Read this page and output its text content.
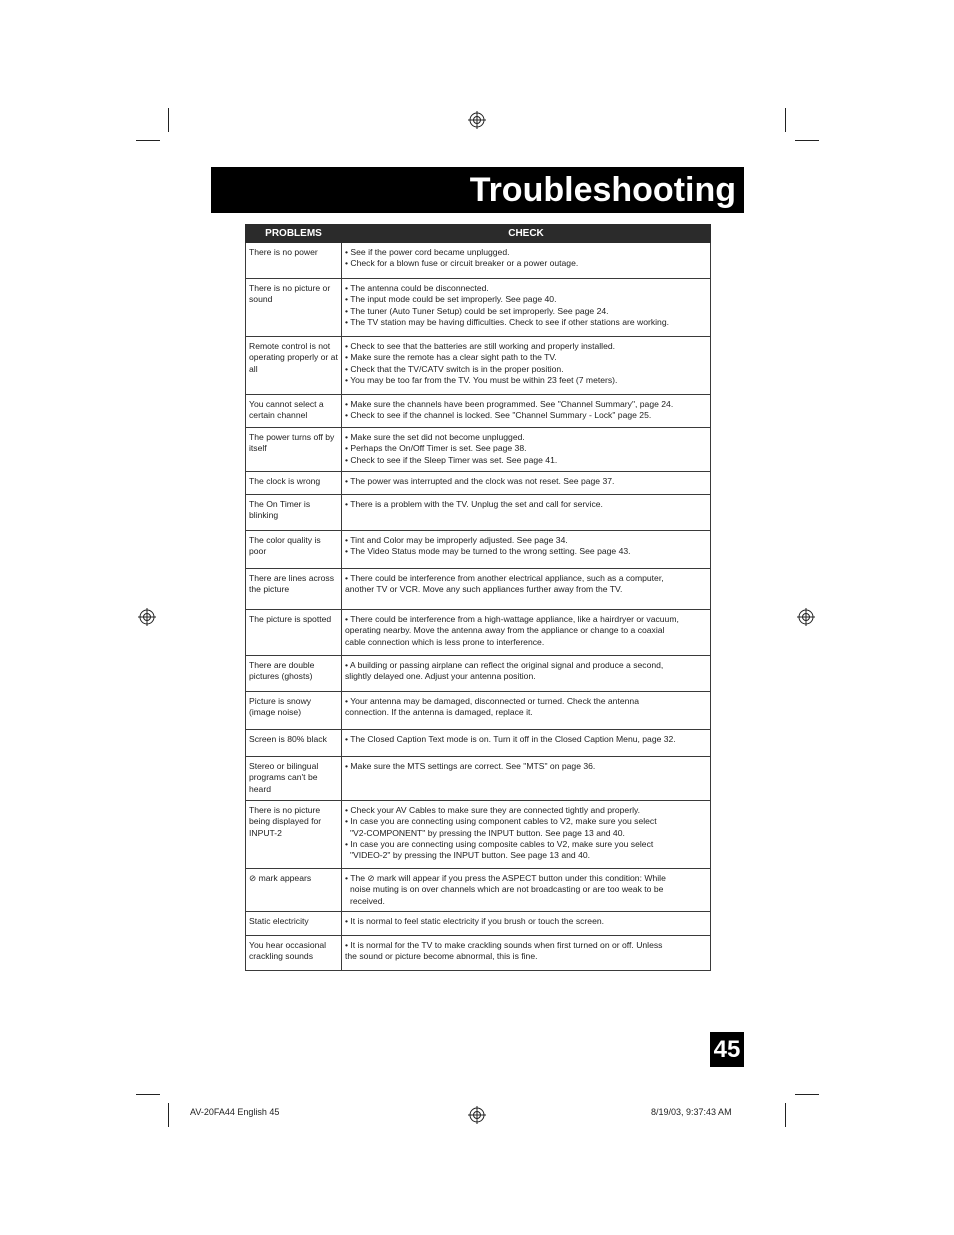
Troubleshooting
PROBLEMS	CHECK
There is no power	• See if the power cord became unplugged.
• Check for a blown fuse or circuit breaker or a power outage.

There is no picture or sound	• The antenna could be disconnected.
• The input mode could be set improperly. See page 40.
• The tuner (Auto Tuner Setup) could be set improperly. See page 24.
• The TV station may be having difficulties. Check to see if other stations are working.

Remote control is not operating properly or at all	• Check to see that the batteries are still working and properly installed.
• Make sure the remote has a clear sight path to the TV.
• Check that the TV/CATV switch is in the proper position.
• You may be too far from the TV. You must be within 23 feet (7 meters).

You cannot select a certain channel	• Make sure the channels have been programmed. See "Channel Summary", page 24.
• Check to see if the channel is locked. See "Channel Summary - Lock" page 25.

The power turns off by itself	• Make sure the set did not become unplugged.
• Perhaps the On/Off Timer is set. See page 38.
• Check to see if the Sleep Timer was set. See page 41.

The clock is wrong	• The power was interrupted and the clock was not reset. See page 37.

The On Timer is blinking	• There is a problem with the TV. Unplug the set and call for service.

The color quality is poor	• Tint and Color may be improperly adjusted. See page 34.
• The Video Status mode may be turned to the wrong setting. See page 43.

There are lines across the picture	• There could be interference from another electrical appliance, such as a computer,
another TV or VCR. Move any such appliances further away from the TV.

The picture is spotted	• There could be interference from a high-wattage appliance, like a hairdryer or vacuum,
operating nearby. Move the antenna away from the appliance or change to a coaxial
cable connection which is less prone to interference.

There are double pictures (ghosts)	• A building or passing airplane can reflect the original signal and produce a second,
slightly delayed one. Adjust your antenna position.

Picture is snowy (image noise)	• Your antenna may be damaged, disconnected or turned. Check the antenna
connection. If the antenna is damaged, replace it.

Screen is 80% black	• The Closed Caption Text mode is on. Turn it off in the Closed Caption Menu, page 32.

Stereo or bilingual programs can't be heard	• Make sure the MTS settings are correct. See "MTS" on page 36.

There is no picture being displayed for INPUT-2	• Check your AV Cables to make sure they are connected tightly and properly.
• In case you are connecting using component cables to V2, make sure you select
"V2-COMPONENT" by pressing the INPUT button. See page 13 and 40.
• In case you are connecting using composite cables to V2, make sure you select
"VIDEO-2" by pressing the INPUT button. See page 13 and 40.

⊘ mark appears	• The ⊘ mark will appear if you press the ASPECT button under this condition: While
noise muting is on over channels which are not broadcasting or are too weak to be
received.

Static electricity	• It is normal to feel static electricity if you brush or touch the screen.

You hear occasional crackling sounds	• It is normal for the TV to make crackling sounds when first turned on or off. Unless
the sound or picture become abnormal, this is fine.
45
AV-20FA44 English 45	8/19/03, 9:37:43 AM
